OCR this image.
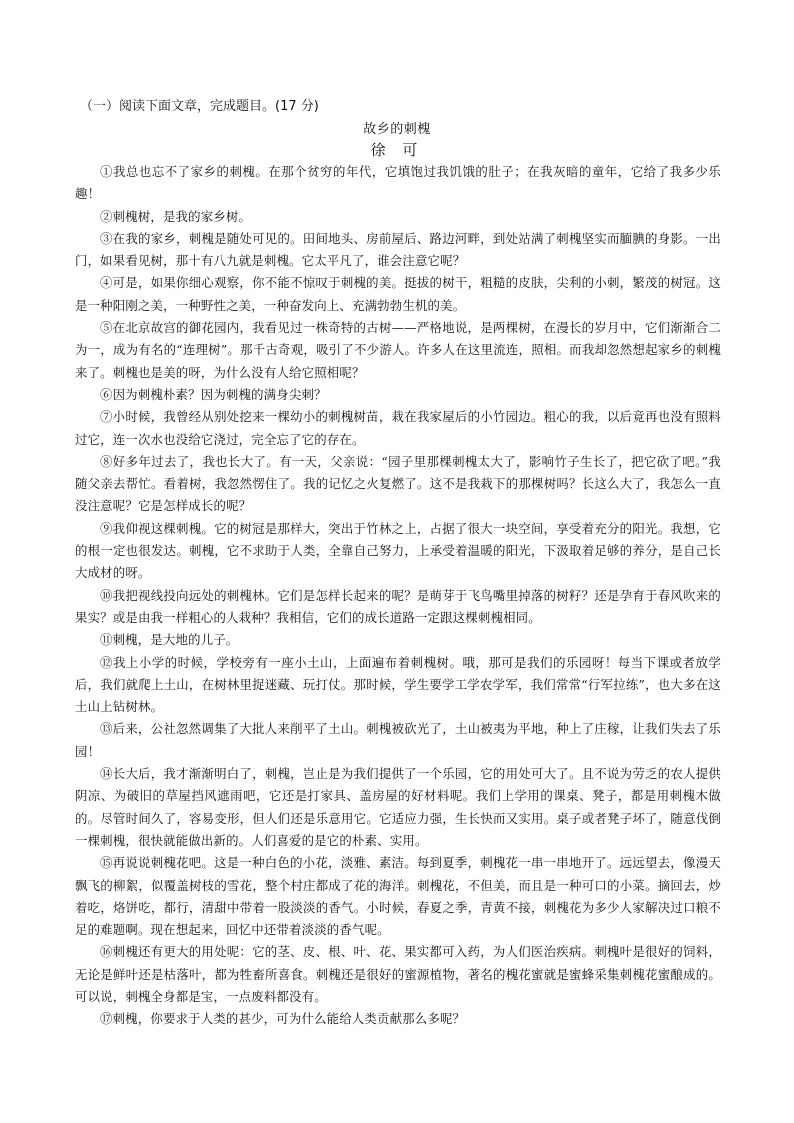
（一）阅读下面文章，完成题目。(17 分)
故乡的刺槐
徐 可

①我总也忘不了家乡的刺槐。在那个贫穷的年代，它填饱过我饥饿的肚子；在我灰暗的童年，它给了我多少乐趣！

②刺槐树，是我的家乡树。

③在我的家乡，刺槐是随处可见的。田间地头、房前屋后、路边河畔，到处站满了刺槐坚实而腼腆的身影。一出门，如果看见树，那十有八九就是刺槐。它太平凡了，谁会注意它呢？

④可是，如果你细心观察，你不能不惊叹于刺槐的美。挺拔的树干，粗糙的皮肤，尖利的小刺，繁茂的树冠。这是一种阳刚之美，一种野性之美，一种奋发向上、充满勃勃生机的美。

⑤在北京故宫的御花园内，我看见过一株奇特的古树——严格地说，是两棵树，在漫长的岁月中，它们渐渐合二为一，成为有名的“连理树”。那千古奇观，吸引了不少游人。许多人在这里流连，照相。而我却忽然想起家乡的刺槐来了。刺槐也是美的呀，为什么没有人给它照相呢？

⑥因为刺槐朴素？因为刺槐的满身尖刺？

⑦小时候，我曾经从别处挖来一棵幼小的刺槐树苗，栽在我家屋后的小竹园边。粗心的我，以后竟再也没有照料过它，连一次水也没给它浇过，完全忘了它的存在。

⑧好多年过去了，我也长大了。有一天，父亲说：“园子里那棵刺槐太大了，影响竹子生长了，把它砍了吧。”我随父亲去帮忙。看着树，我忽然愣住了。我的记忆之火复燃了。这不是我栽下的那棵树吗？长这么大了，我怎么一直没注意呢？它是怎样成长的呢？

⑨我仰视这棵刺槐。它的树冠是那样大，突出于竹林之上，占据了很大一块空间，享受着充分的阳光。我想，它的根一定也很发达。刺槐，它不求助于人类，全靠自己努力，上承受着温暖的阳光，下汲取着足够的养分，是自己长大成材的呀。

⑩我把视线投向远处的刺槐林。它们是怎样长起来的呢？是萌芽于飞鸟嘴里掉落的树籽？还是孕育于春风吹来的果实？或是由我一样粗心的人栽种？我相信，它们的成长道路一定跟这棵刺槐相同。

⑪刺槐，是大地的儿子。

⑫我上小学的时候，学校旁有一座小土山，上面遍布着刺槐树。哦，那可是我们的乐园呀！每当下课或者放学后，我们就爬上土山，在树林里捉迷藏、玩打仗。那时候，学生要学工学农学军，我们常常“行军拉练”，也大多在这土山上钻树林。

⑬后来，公社忽然调集了大批人来削平了土山。刺槐被砍光了，土山被夷为平地，种上了庄稼，让我们失去了乐园！

⑭长大后，我才渐渐明白了，刺槐，岂止是为我们提供了一个乐园，它的用处可大了。且不说为劳乏的农人提供阴凉、为破旧的草屋挡风遮雨吧，它还是打家具、盖房屋的好材料呢。我们上学用的课桌、凳子，都是用刺槐木做的。尽管时间久了，容易变形，但人们还是乐意用它。它适应力强，生长快而又实用。桌子或者凳子坏了，随意伐倒一棵刺槐，很快就能做出新的。人们喜爱的是它的朴素、实用。

⑮再说说刺槐花吧。这是一种白色的小花，淡雅、素洁。每到夏季，刺槐花一串一串地开了。远远望去，像漫天飘飞的柳絮，似覆盖树枝的雪花，整个村庄都成了花的海洋。刺槐花，不但美，而且是一种可口的小菜。摘回去，炒着吃，烙饼吃，都行，清甜中带着一股淡淡的香气。小时候，春夏之季，青黄不接，刺槐花为多少人家解决过口粮不足的难题啊。现在想起来，回忆中还带着淡淡的香气呢。

⑯刺槐还有更大的用处呢：它的茎、皮、根、叶、花、果实都可入药，为人们医治疾病。刺槐叶是很好的饲料，无论是鲜叶还是枯落叶，都为牲畜所喜食。刺槐还是很好的蜜源植物，著名的槐花蜜就是蜜蜂采集刺槐花蜜酿成的。可以说，刺槐全身都是宝，一点废料都没有。

⑰刺槐，你要求于人类的甚少，可为什么能给人类贡献那么多呢？
